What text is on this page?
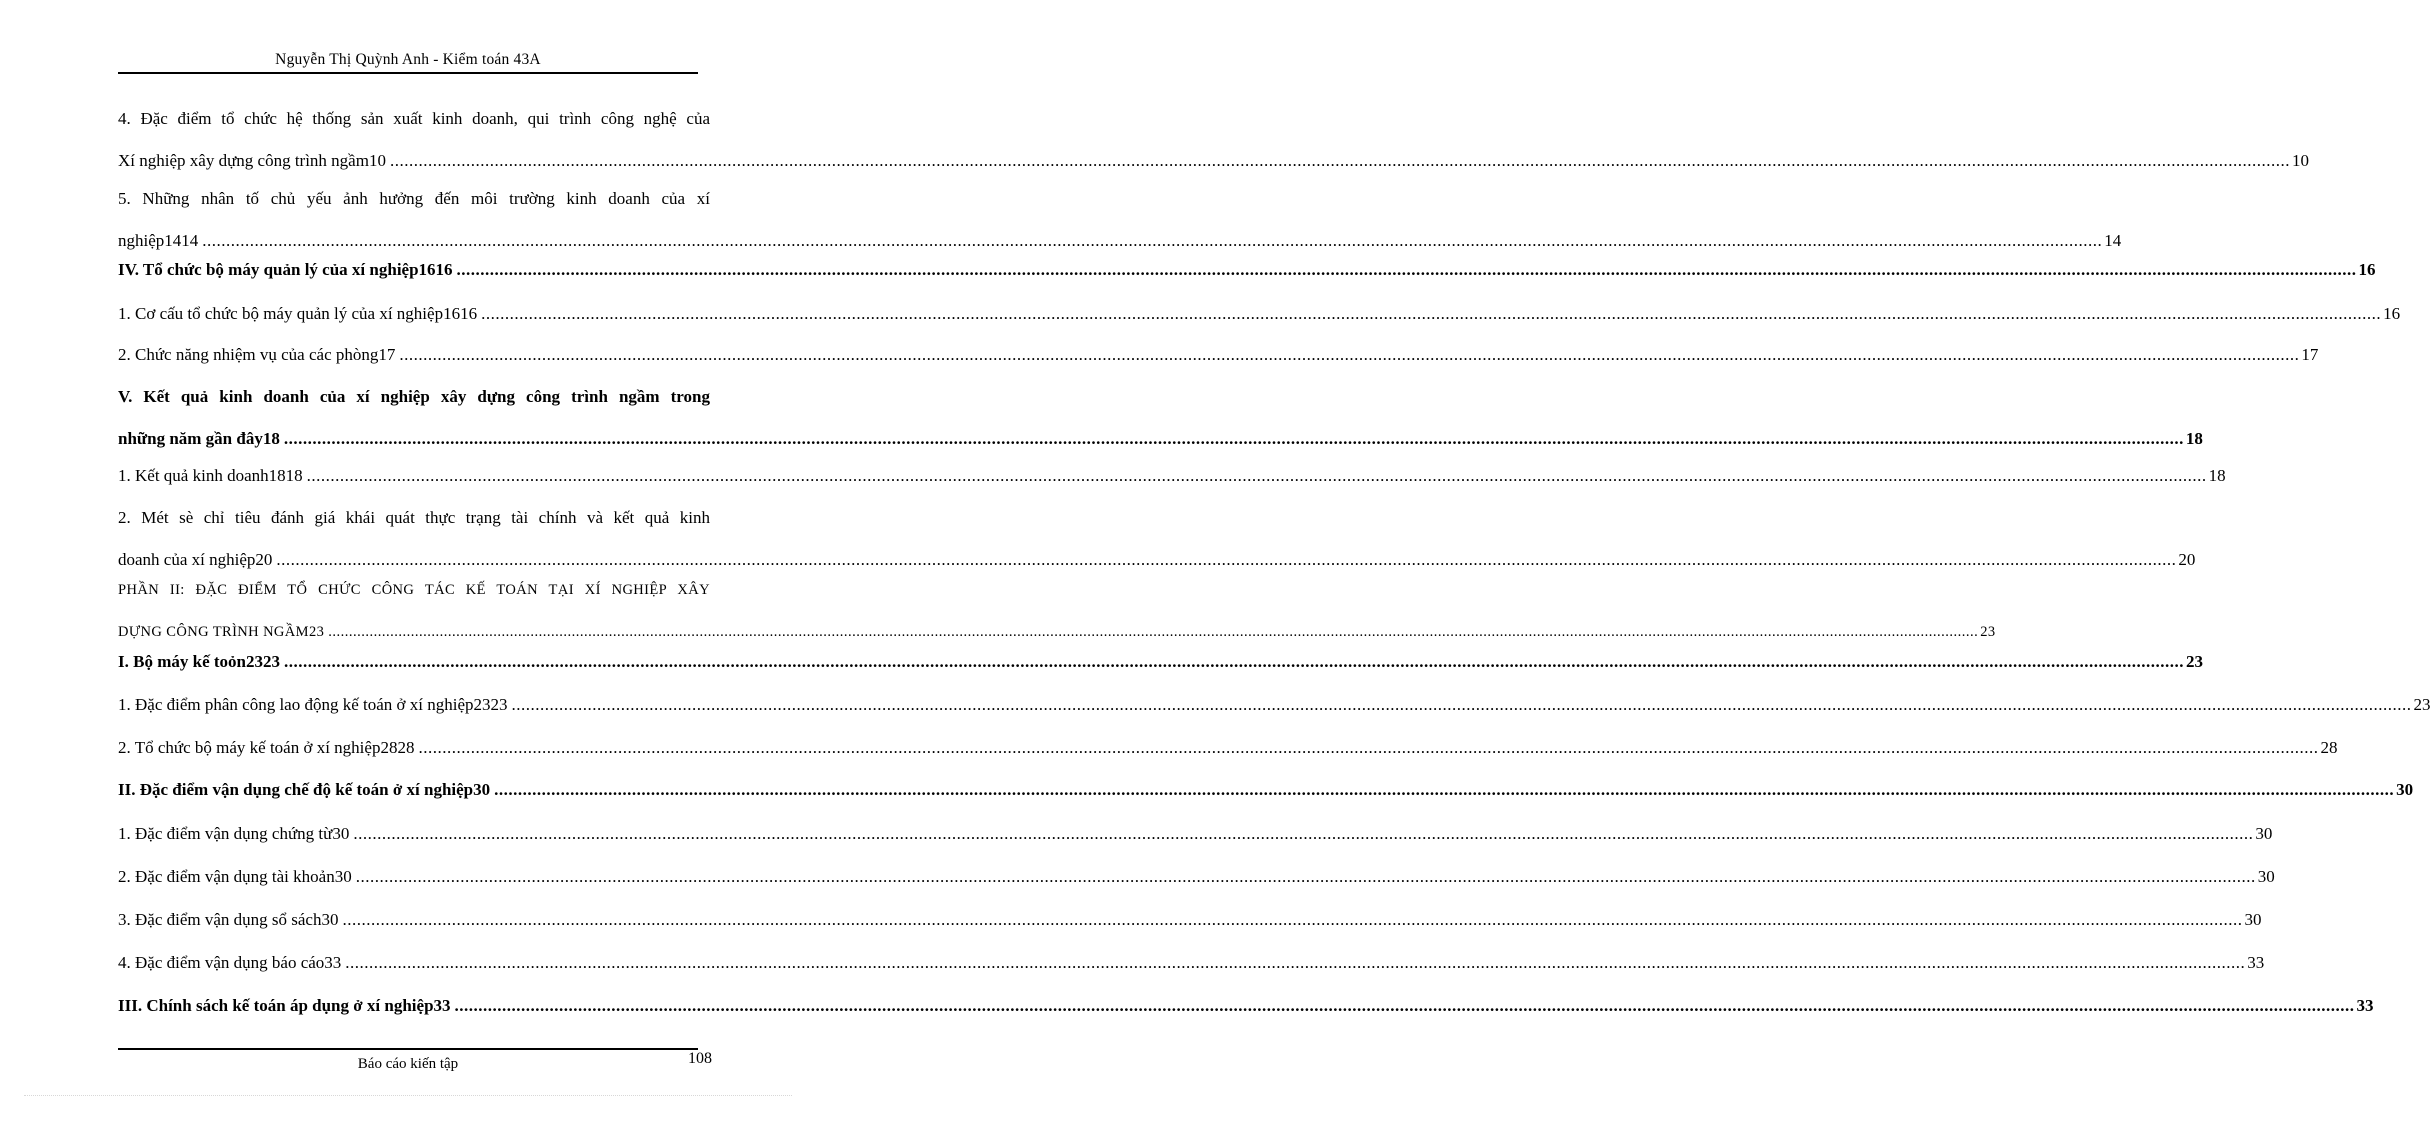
Nguyễn Thị Quỳnh Anh - Kiểm toán 43A
4. Đặc điểm tổ chức hệ thống sản xuất kinh doanh, qui trình công nghệ của
Xí nghiệp xây dựng công trình ngầm10 ................................................................................................................................................................................................................................................................................................................................................................................................................ 10
5. Những nhân tố chủ yếu ảnh hưởng đến môi trường kinh doanh của xí
nghiệp1414 ................................................................................................................................................................................................................................................................................................................................................................................................................ 14
IV. Tổ chức bộ máy quản lý của xí nghiệp1616 ................................................................................................................................................................................................................................................................................................................................................................................................................ 16
1. Cơ cấu tổ chức bộ máy quản lý của xí nghiệp1616 ................................................................................................................................................................................................................................................................................................................................................................................................................ 16
2. Chức năng nhiệm vụ của các phòng17 ................................................................................................................................................................................................................................................................................................................................................................................................................ 17
V. Kết quả kinh doanh của xí nghiệp xây dựng công trình ngầm trong
những năm gần đây18 ................................................................................................................................................................................................................................................................................................................................................................................................................ 18
1. Kết quả kinh doanh1818 ................................................................................................................................................................................................................................................................................................................................................................................................................ 18
2. Mét sè chỉ tiêu đánh giá khái quát thực trạng tài chính và kết quả kinh
doanh của xí nghiệp20 ................................................................................................................................................................................................................................................................................................................................................................................................................ 20
PHẦN II: ĐẶC ĐIỂM TỔ CHỨC CÔNG TÁC KẾ TOÁN TẠI XÍ NGHIỆP XÂY
DỰNG CÔNG TRÌNH NGẦM23 ................................................................................................................................................................................................................................................................................................................................................................................................................ 23
I. Bộ máy kế toỏn2323 ................................................................................................................................................................................................................................................................................................................................................................................................................ 23
1. Đặc điểm phân công lao động kế toán ở xí nghiệp2323 ................................................................................................................................................................................................................................................................................................................................................................................................................ 23
2. Tổ chức bộ máy kế toán ở xí nghiệp2828 ................................................................................................................................................................................................................................................................................................................................................................................................................ 28
II. Đặc điểm vận dụng chế độ kế toán ở xí nghiệp30 ................................................................................................................................................................................................................................................................................................................................................................................................................ 30
1. Đặc điểm vận dụng chứng từ30 ................................................................................................................................................................................................................................................................................................................................................................................................................ 30
2. Đặc điểm vận dụng tài khoản30 ................................................................................................................................................................................................................................................................................................................................................................................................................ 30
3. Đặc điểm vận dụng sổ sách30 ................................................................................................................................................................................................................................................................................................................................................................................................................ 30
4. Đặc điểm vận dụng báo cáo33 ................................................................................................................................................................................................................................................................................................................................................................................................................ 33
III. Chính sách kế toán áp dụng ở xí nghiệp33 ................................................................................................................................................................................................................................................................................................................................................................................................................ 33
Báo cáo kiến tập	108
